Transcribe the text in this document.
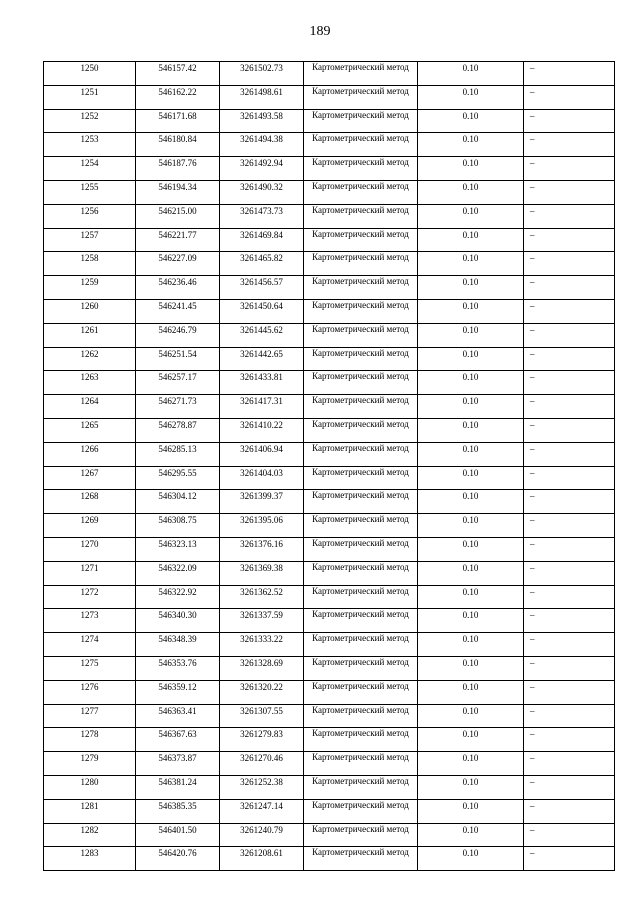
189
1250	546157.42	3261502.73	Картометрический метод	0.10	–
1251	546162.22	3261498.61	Картометрический метод	0.10	–
1252	546171.68	3261493.58	Картометрический метод	0.10	–
1253	546180.84	3261494.38	Картометрический метод	0.10	–
1254	546187.76	3261492.94	Картометрический метод	0.10	–
1255	546194.34	3261490.32	Картометрический метод	0.10	–
1256	546215.00	3261473.73	Картометрический метод	0.10	–
1257	546221.77	3261469.84	Картометрический метод	0.10	–
1258	546227.09	3261465.82	Картометрический метод	0.10	–
1259	546236.46	3261456.57	Картометрический метод	0.10	–
1260	546241.45	3261450.64	Картометрический метод	0.10	–
1261	546246.79	3261445.62	Картометрический метод	0.10	–
1262	546251.54	3261442.65	Картометрический метод	0.10	–
1263	546257.17	3261433.81	Картометрический метод	0.10	–
1264	546271.73	3261417.31	Картометрический метод	0.10	–
1265	546278.87	3261410.22	Картометрический метод	0.10	–
1266	546285.13	3261406.94	Картометрический метод	0.10	–
1267	546295.55	3261404.03	Картометрический метод	0.10	–
1268	546304.12	3261399.37	Картометрический метод	0.10	–
1269	546308.75	3261395.06	Картометрический метод	0.10	–
1270	546323.13	3261376.16	Картометрический метод	0.10	–
1271	546322.09	3261369.38	Картометрический метод	0.10	–
1272	546322.92	3261362.52	Картометрический метод	0.10	–
1273	546340.30	3261337.59	Картометрический метод	0.10	–
1274	546348.39	3261333.22	Картометрический метод	0.10	–
1275	546353.76	3261328.69	Картометрический метод	0.10	–
1276	546359.12	3261320.22	Картометрический метод	0.10	–
1277	546363.41	3261307.55	Картометрический метод	0.10	–
1278	546367.63	3261279.83	Картометрический метод	0.10	–
1279	546373.87	3261270.46	Картометрический метод	0.10	–
1280	546381.24	3261252.38	Картометрический метод	0.10	–
1281	546385.35	3261247.14	Картометрический метод	0.10	–
1282	546401.50	3261240.79	Картометрический метод	0.10	–
1283	546420.76	3261208.61	Картометрический метод	0.10	–
